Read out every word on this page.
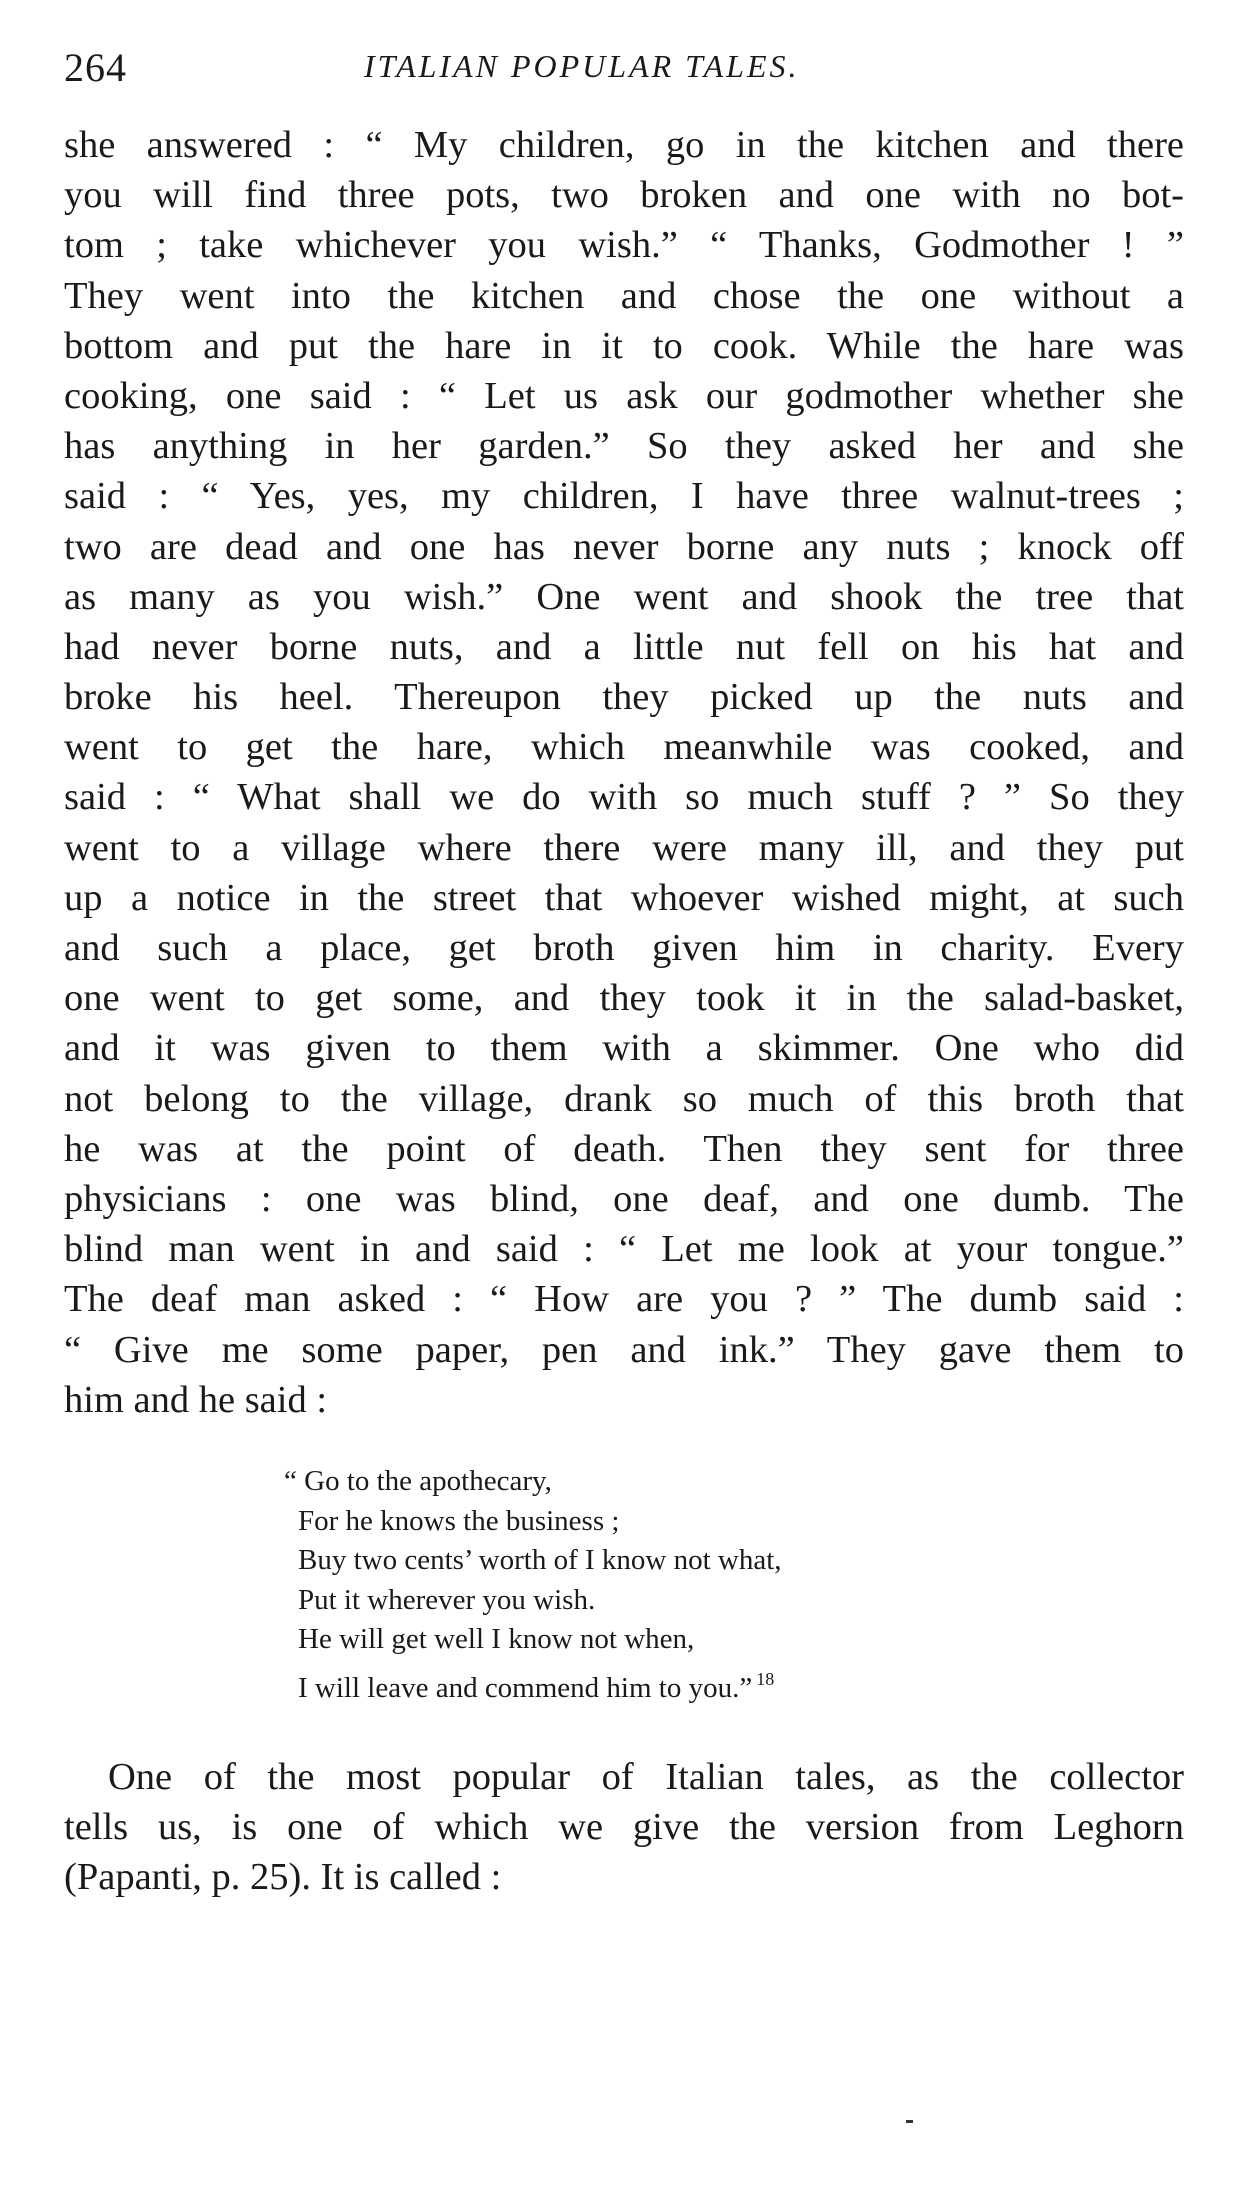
264	ITALIAN POPULAR TALES.
she answered : “ My children, go in the kitchen and there
you will find three pots, two broken and one with no bot-
tom ; take whichever you wish.” “ Thanks, Godmother ! ”
They went into the kitchen and chose the one without a
bottom and put the hare in it to cook. While the hare was
cooking, one said : “ Let us ask our godmother whether she
has anything in her garden.” So they asked her and she
said : “ Yes, yes, my children, I have three walnut-trees ;
two are dead and one has never borne any nuts ; knock off
as many as you wish.” One went and shook the tree that
had never borne nuts, and a little nut fell on his hat and
broke his heel. Thereupon they picked up the nuts and
went to get the hare, which meanwhile was cooked, and
said : “ What shall we do with so much stuff ? ” So they
went to a village where there were many ill, and they put
up a notice in the street that whoever wished might, at such
and such a place, get broth given him in charity. Every
one went to get some, and they took it in the salad-basket,
and it was given to them with a skimmer. One who did
not belong to the village, drank so much of this broth that
he was at the point of death. Then they sent for three
physicians : one was blind, one deaf, and one dumb. The
blind man went in and said : “ Let me look at your tongue.”
The deaf man asked : “ How are you ? ” The dumb said :
“ Give me some paper, pen and ink.” They gave them to
him and he said :
“ Go to the apothecary,
For he knows the business ;
Buy two cents’ worth of I know not what,
Put it wherever you wish.
He will get well I know not when,
I will leave and commend him to you.” $^{18}$
One of the most popular of Italian tales, as the collector
tells us, is one of which we give the version from Leghorn
(Papanti, p. 25). It is called :
